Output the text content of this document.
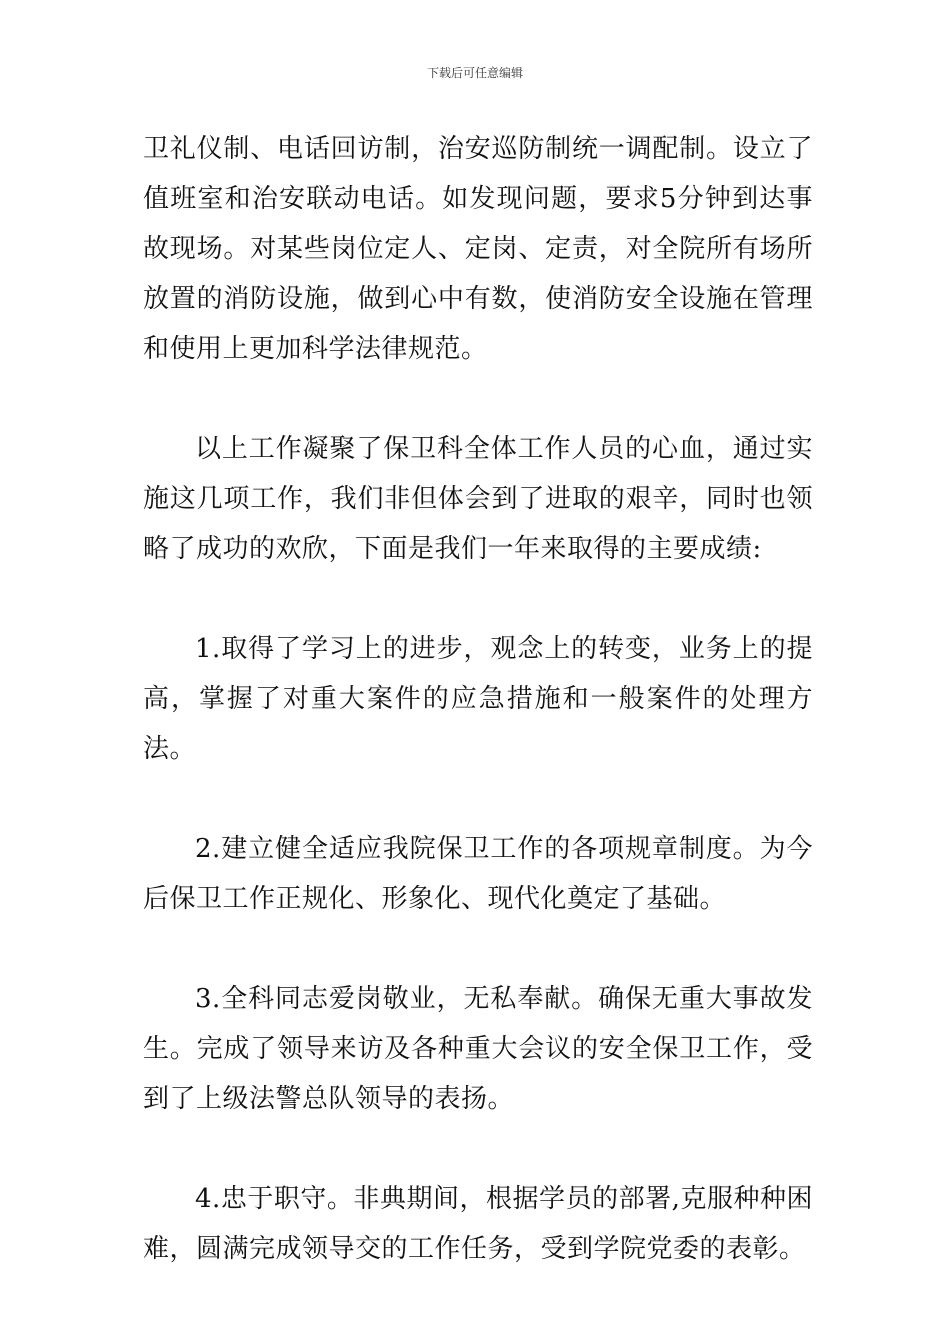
下载后可任意编辑

卫礼仪制、电话回访制，治安巡防制统一调配制。设立了值班室和治安联动电话。如发现问题，要求5分钟到达事故现场。对某些岗位定人、定岗、定责，对全院所有场所放置的消防设施，做到心中有数，使消防安全设施在管理和使用上更加科学法律规范。

以上工作凝聚了保卫科全体工作人员的心血，通过实施这几项工作，我们非但体会到了进取的艰辛，同时也领略了成功的欢欣，下面是我们一年来取得的主要成绩:

1.取得了学习上的进步，观念上的转变，业务上的提高，掌握了对重大案件的应急措施和一般案件的处理方法。

2.建立健全适应我院保卫工作的各项规章制度。为今后保卫工作正规化、形象化、现代化奠定了基础。

3.全科同志爱岗敬业，无私奉献。确保无重大事故发生。完成了领导来访及各种重大会议的安全保卫工作，受到了上级法警总队领导的表扬。

4.忠于职守。非典期间，根据学员的部署,克服种种困难，圆满完成领导交的工作任务，受到学院党委的表彰。
